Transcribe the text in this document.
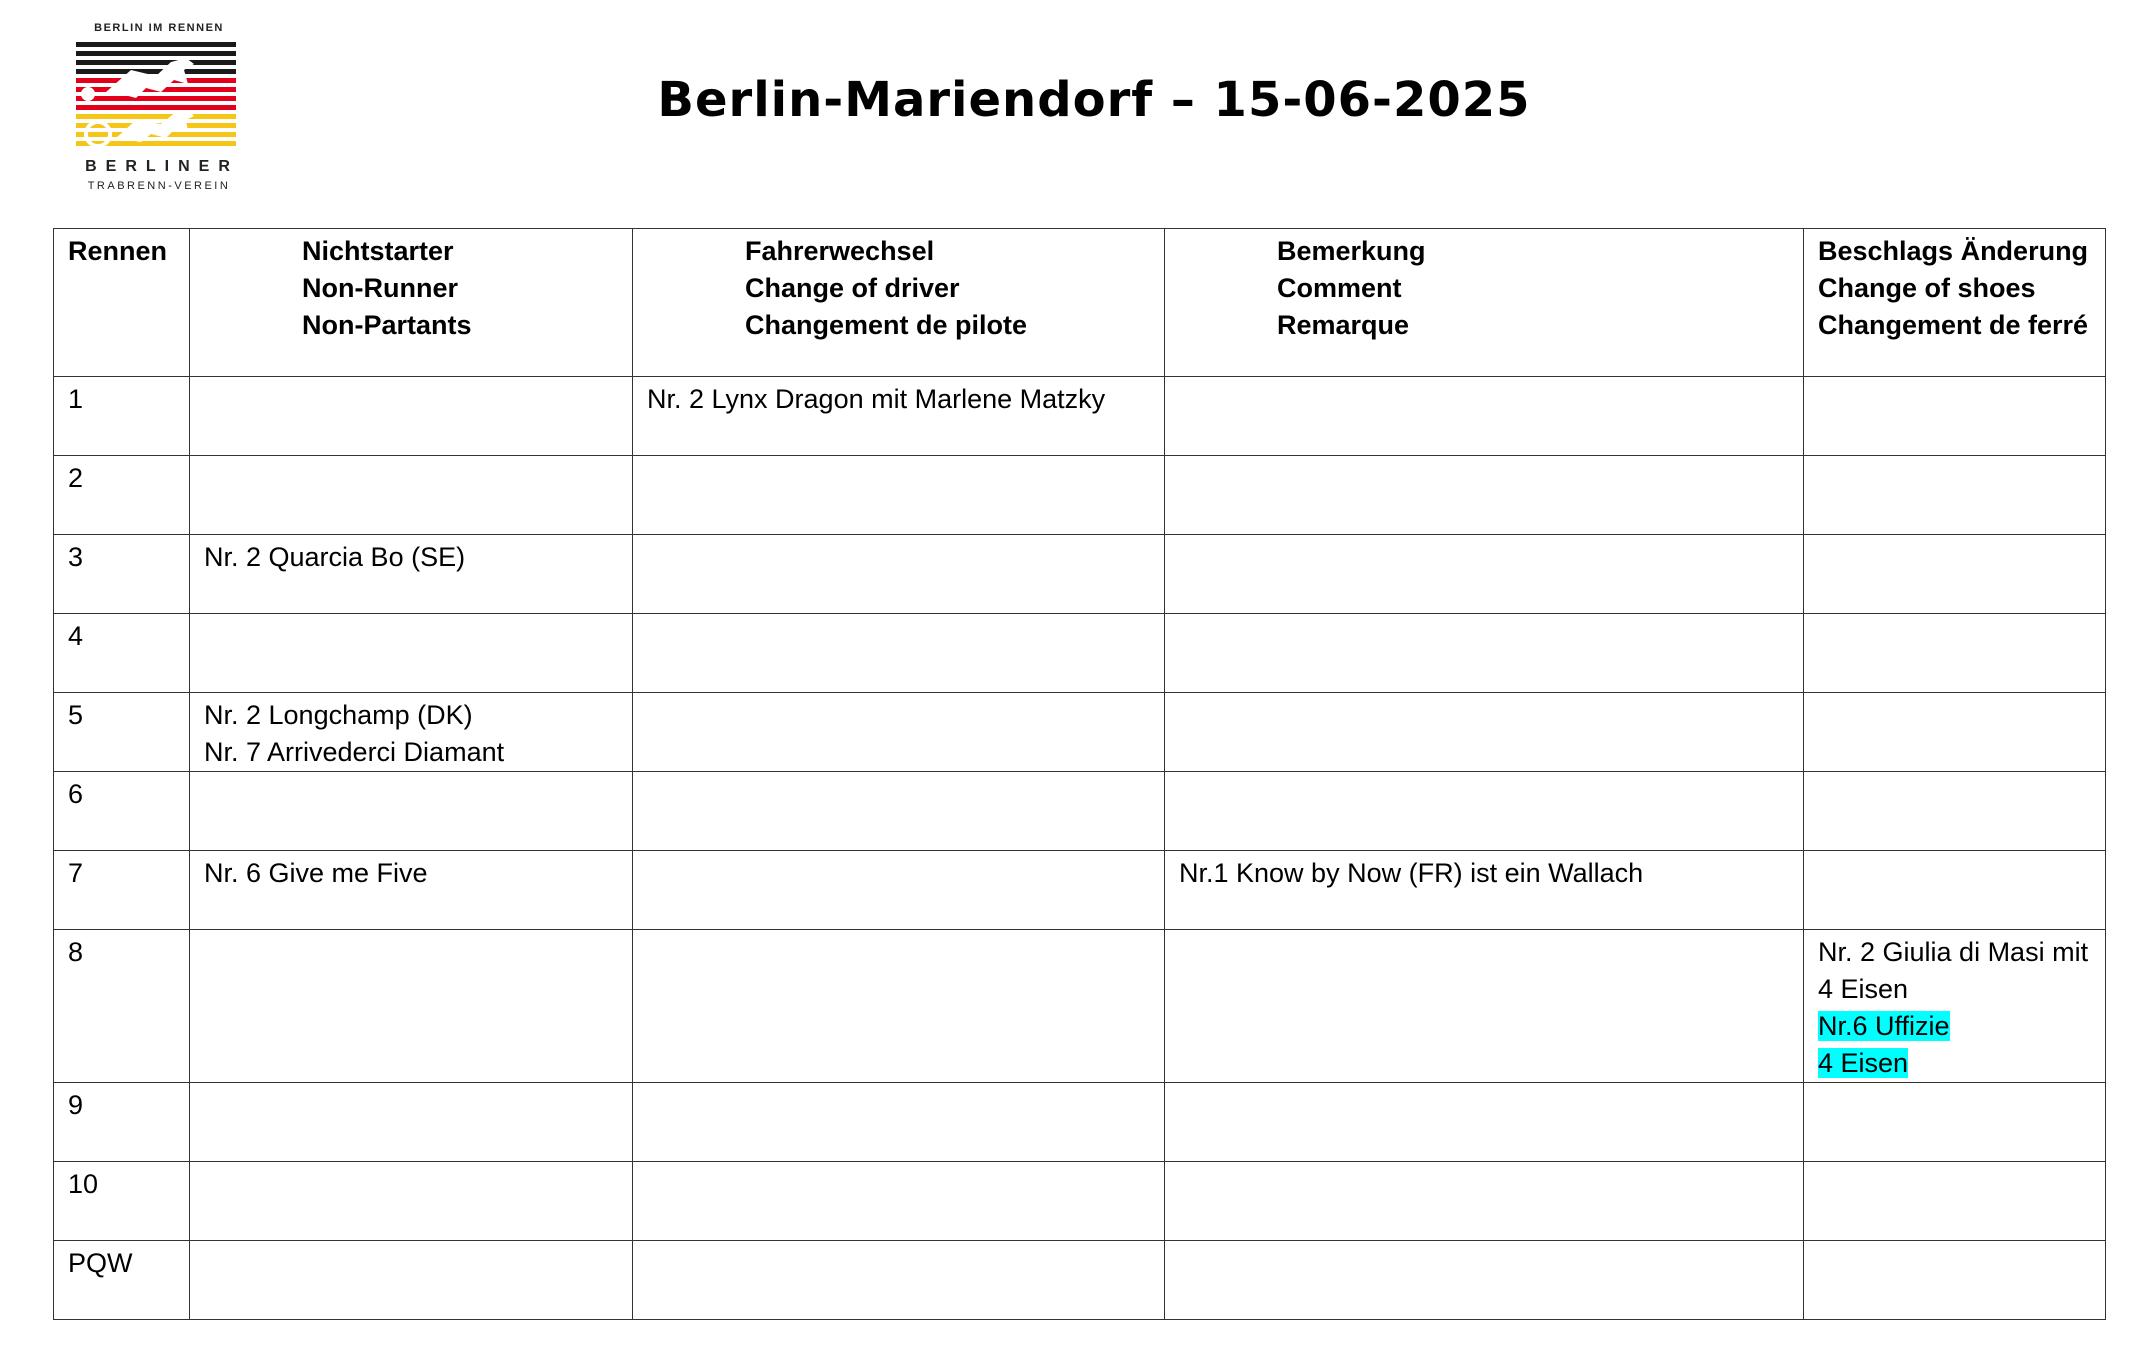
BERLIN IM RENNEN
BERLINER
TRABRENN-VEREIN
Berlin-Mariendorf – 15-06-2025
Rennen	Nichtstarter
Non-Runner
Non-Partants	Fahrerwechsel
Change of driver
Changement de pilote	Bemerkung
Comment
Remarque	Beschlags Änderung
Change of shoes
Changement de ferré

1		Nr. 2 Lynx Dragon mit Marlene Matzky		

2				
3	Nr. 2 Quarcia Bo (SE)			

4				
5	Nr. 2 Longchamp (DK)
Nr. 7 Arrivederci Diamant			

6				
7	Nr. 6 Give me Five		Nr.1 Know by Now (FR) ist ein Wallach	

8				Nr. 2 Giulia di Masi mit
4 Eisen
Nr.6 Uffizie
4 Eisen

9				
10				
PQW				
